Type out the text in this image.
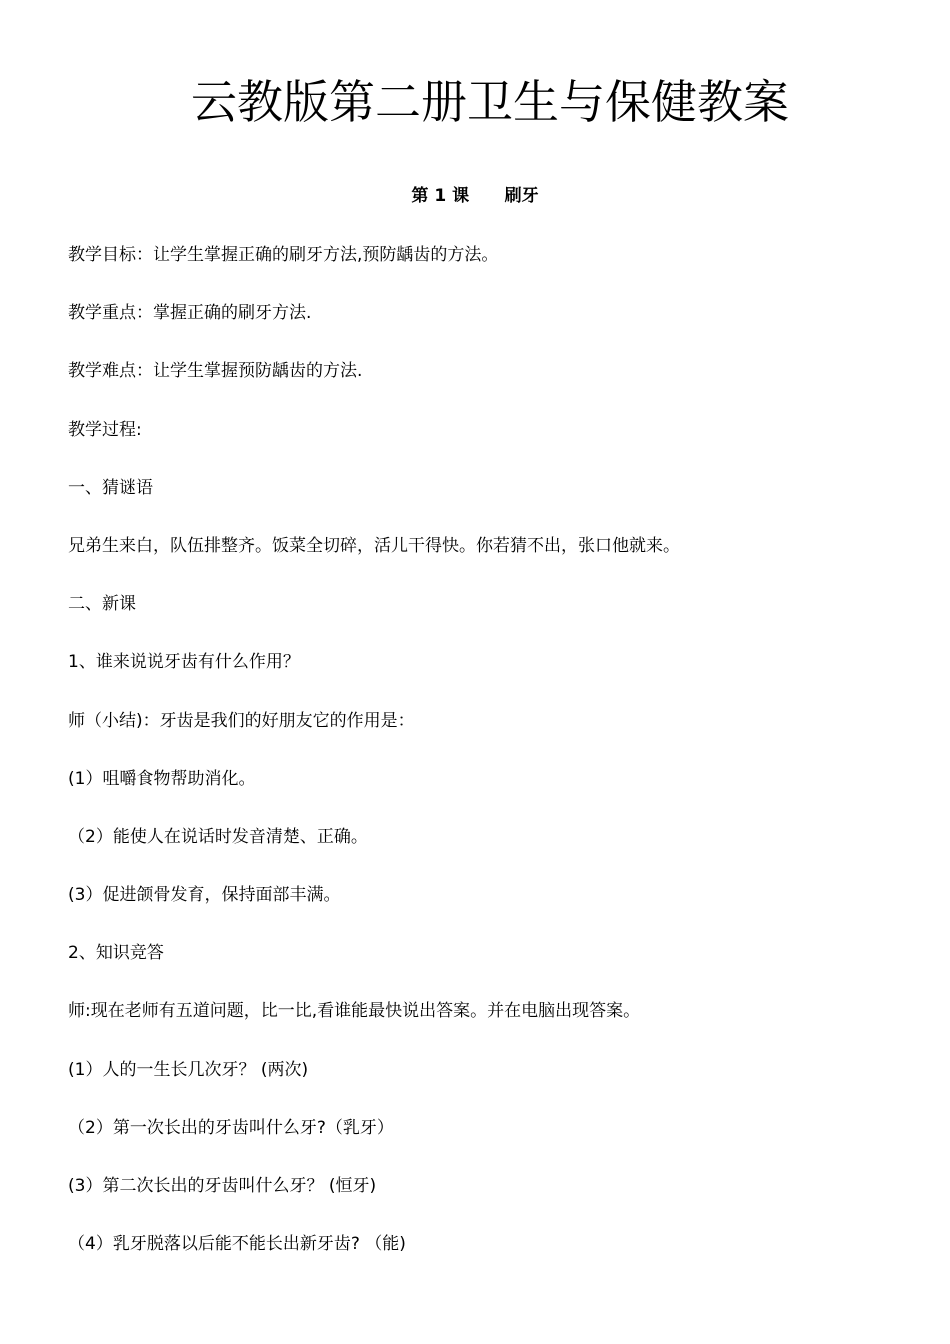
云教版第二册卫生与保健教案
第 1 课      刷牙
教学目标：让学生掌握正确的刷牙方法,预防龋齿的方法。
教学重点：掌握正确的刷牙方法.
教学难点：让学生掌握预防龋齿的方法.
教学过程:
一、猜谜语
兄弟生来白，队伍排整齐。饭菜全切碎，活儿干得快。你若猜不出，张口他就来。
二、新课
1、谁来说说牙齿有什么作用？
师（小结)：牙齿是我们的好朋友它的作用是：
(1）咀嚼食物帮助消化。
（2）能使人在说话时发音清楚、正确。
(3）促进颌骨发育，保持面部丰满。
2、知识竞答
师:现在老师有五道问题，比一比,看谁能最快说出答案。并在电脑出现答案。
(1）人的一生长几次牙？ (两次)
（2）第一次长出的牙齿叫什么牙?（乳牙）
(3）第二次长出的牙齿叫什么牙？ (恒牙)
（4）乳牙脱落以后能不能长出新牙齿? （能)
